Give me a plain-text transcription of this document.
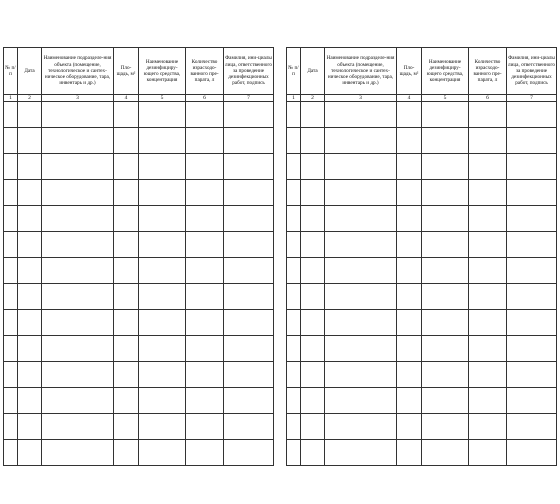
№ п/п	Дата	Наименование подразделе-ния объекта (помещение, технологическое и сантех-ническое оборудование, тара, инвентарь и др.)	Пло-щадь, м²	Наименование дезинфициру-ющего средства, концентрация	Количество израсходо-ванного пре-парата, л	Фамилия, ини-циалы лица, ответственного за проведение дезинфекционных работ, подпись

1	2	3	4	5	6	7

№ п/п	Дата	Наименование подразделе-ния объекта (помещение, технологическое и сантех-ническое оборудование, тара, инвентарь и др.)	Пло-щадь, м²	Наименование дезинфициру-ющего средства, концентрация	Количество израсходо-ванного пре-парата, л	Фамилия, ини-циалы лица, ответственного за проведение дезинфекционных работ, подпись

1	2	3	4	5	6	7
